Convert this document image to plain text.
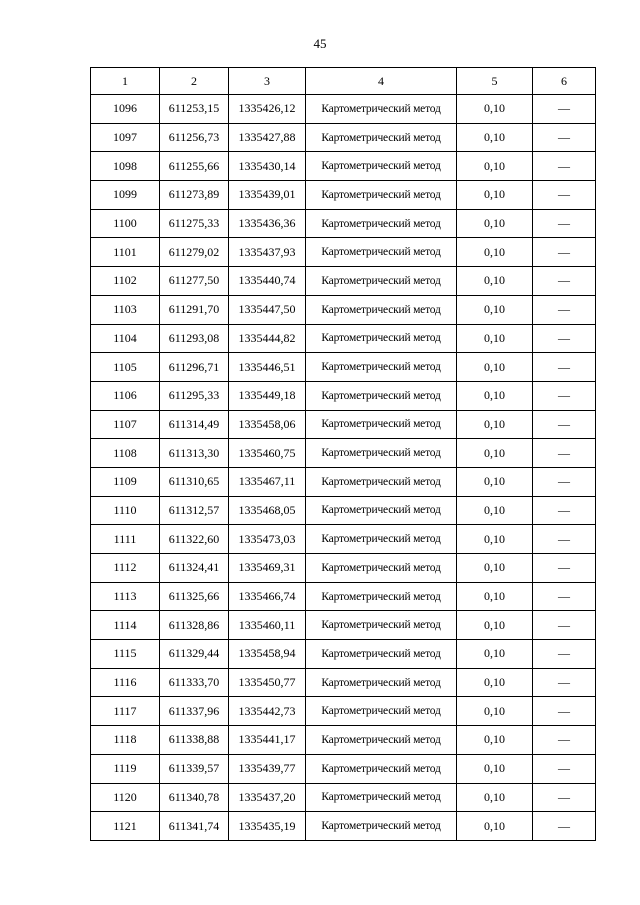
45
1	2	3	4	5	6
1096	611253,15	1335426,12	Картометрический метод	0,10	—
1097	611256,73	1335427,88	Картометрический метод	0,10	—
1098	611255,66	1335430,14	Картометрический метод	0,10	—
1099	611273,89	1335439,01	Картометрический метод	0,10	—
1100	611275,33	1335436,36	Картометрический метод	0,10	—
1101	611279,02	1335437,93	Картометрический метод	0,10	—
1102	611277,50	1335440,74	Картометрический метод	0,10	—
1103	611291,70	1335447,50	Картометрический метод	0,10	—
1104	611293,08	1335444,82	Картометрический метод	0,10	—
1105	611296,71	1335446,51	Картометрический метод	0,10	—
1106	611295,33	1335449,18	Картометрический метод	0,10	—
1107	611314,49	1335458,06	Картометрический метод	0,10	—
1108	611313,30	1335460,75	Картометрический метод	0,10	—
1109	611310,65	1335467,11	Картометрический метод	0,10	—
1110	611312,57	1335468,05	Картометрический метод	0,10	—
1111	611322,60	1335473,03	Картометрический метод	0,10	—
1112	611324,41	1335469,31	Картометрический метод	0,10	—
1113	611325,66	1335466,74	Картометрический метод	0,10	—
1114	611328,86	1335460,11	Картометрический метод	0,10	—
1115	611329,44	1335458,94	Картометрический метод	0,10	—
1116	611333,70	1335450,77	Картометрический метод	0,10	—
1117	611337,96	1335442,73	Картометрический метод	0,10	—
1118	611338,88	1335441,17	Картометрический метод	0,10	—
1119	611339,57	1335439,77	Картометрический метод	0,10	—
1120	611340,78	1335437,20	Картометрический метод	0,10	—
1121	611341,74	1335435,19	Картометрический метод	0,10	—
